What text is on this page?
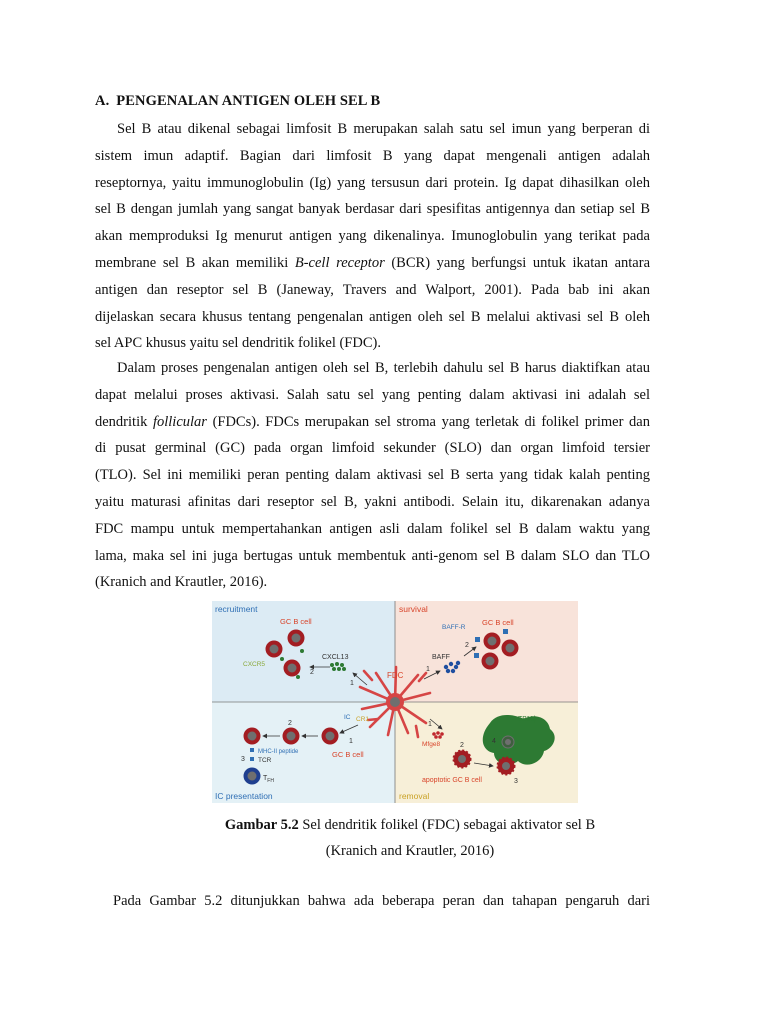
A. PENGENALAN ANTIGEN OLEH SEL B
Sel B atau dikenal sebagai limfosit B merupakan salah satu sel imun yang berperan di
sistem imun adaptif. Bagian dari limfosit B yang dapat mengenali antigen adalah
reseptornya, yaitu immunoglobulin (Ig) yang tersusun dari protein. Ig dapat dihasilkan oleh
sel B dengan jumlah yang sangat banyak berdasar dari spesifitas antigennya dan setiap sel B
akan memproduksi Ig menurut antigen yang dikenalinya. Imunoglobulin yang terikat pada
membrane sel B akan memiliki B-cell receptor (BCR) yang berfungsi untuk ikatan antara
antigen dan reseptor sel B (Janeway, Travers and Walport, 2001). Pada bab ini akan
dijelaskan secara khusus tentang pengenalan antigen oleh sel B melalui aktivasi sel B oleh
sel APC khusus yaitu sel dendritik folikel (FDC).
Dalam proses pengenalan antigen oleh sel B, terlebih dahulu sel B harus diaktifkan atau
dapat melalui proses aktivasi. Salah satu sel yang penting dalam aktivasi ini adalah sel
dendritik follicular (FDCs). FDCs merupakan sel stroma yang terletak di folikel primer dan
di pusat germinal (GC) pada organ limfoid sekunder (SLO) dan organ limfoid tersier
(TLO). Sel ini memiliki peran penting dalam aktivasi sel B serta yang tidak kalah penting
yaitu maturasi afinitas dari reseptor sel B, yakni antibodi. Selain itu, dikarenakan adanya
FDC mampu untuk mempertahankan antigen asli dalam folikel sel B dalam waktu yang
lama, maka sel ini juga bertugas untuk membentuk anti-genom sel B dalam SLO dan TLO
(Kranich and Krautler, 2016).
recruitment	survival
IC presentation	removal
FDC
GC B cell
CXCR5
CXCL13
2
1
BAFF-R
GC B cell
BAFF
1
2
IC CR1
GC B cell
1
2
3
MHC-II peptide
TCR
$T_{FH}$
TBMϕ
4
Mfge8
1
2
3
apoptotic GC B cell
Gambar 5.2 Sel dendritik folikel (FDC) sebagai aktivator sel B
(Kranich and Krautler, 2016)
Pada Gambar 5.2 ditunjukkan bahwa ada beberapa peran dan tahapan pengaruh dari
